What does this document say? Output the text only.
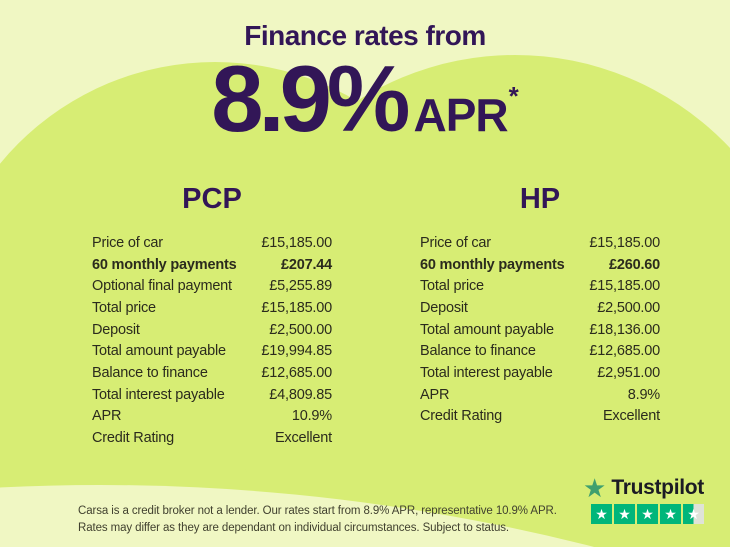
Finance rates from
8.9% APR *
PCP
Price of car	£15,185.00
60 monthly payments	£207.44
Optional final payment	£5,255.89
Total price	£15,185.00
Deposit	£2,500.00
Total amount payable £19,994.85
Balance to finance	£12,685.00
Total interest payable	£4,809.85
APR	10.9%
Credit Rating	Excellent
HP
Price of car	£15,185.00
60 monthly payments	£260.60
Total price	£15,185.00
Deposit	£2,500.00
Total amount payable £18,136.00
Balance to finance	£12,685.00
Total interest payable	£2,951.00
APR	8.9%
Credit Rating	Excellent
Carsa is a credit broker not a lender. Our rates start from 8.9% APR, representative 10.9% APR.
Rates may differ as they are dependant on individual circumstances. Subject to status.
★ Trustpilot
★ ★ ★ ★ ★
